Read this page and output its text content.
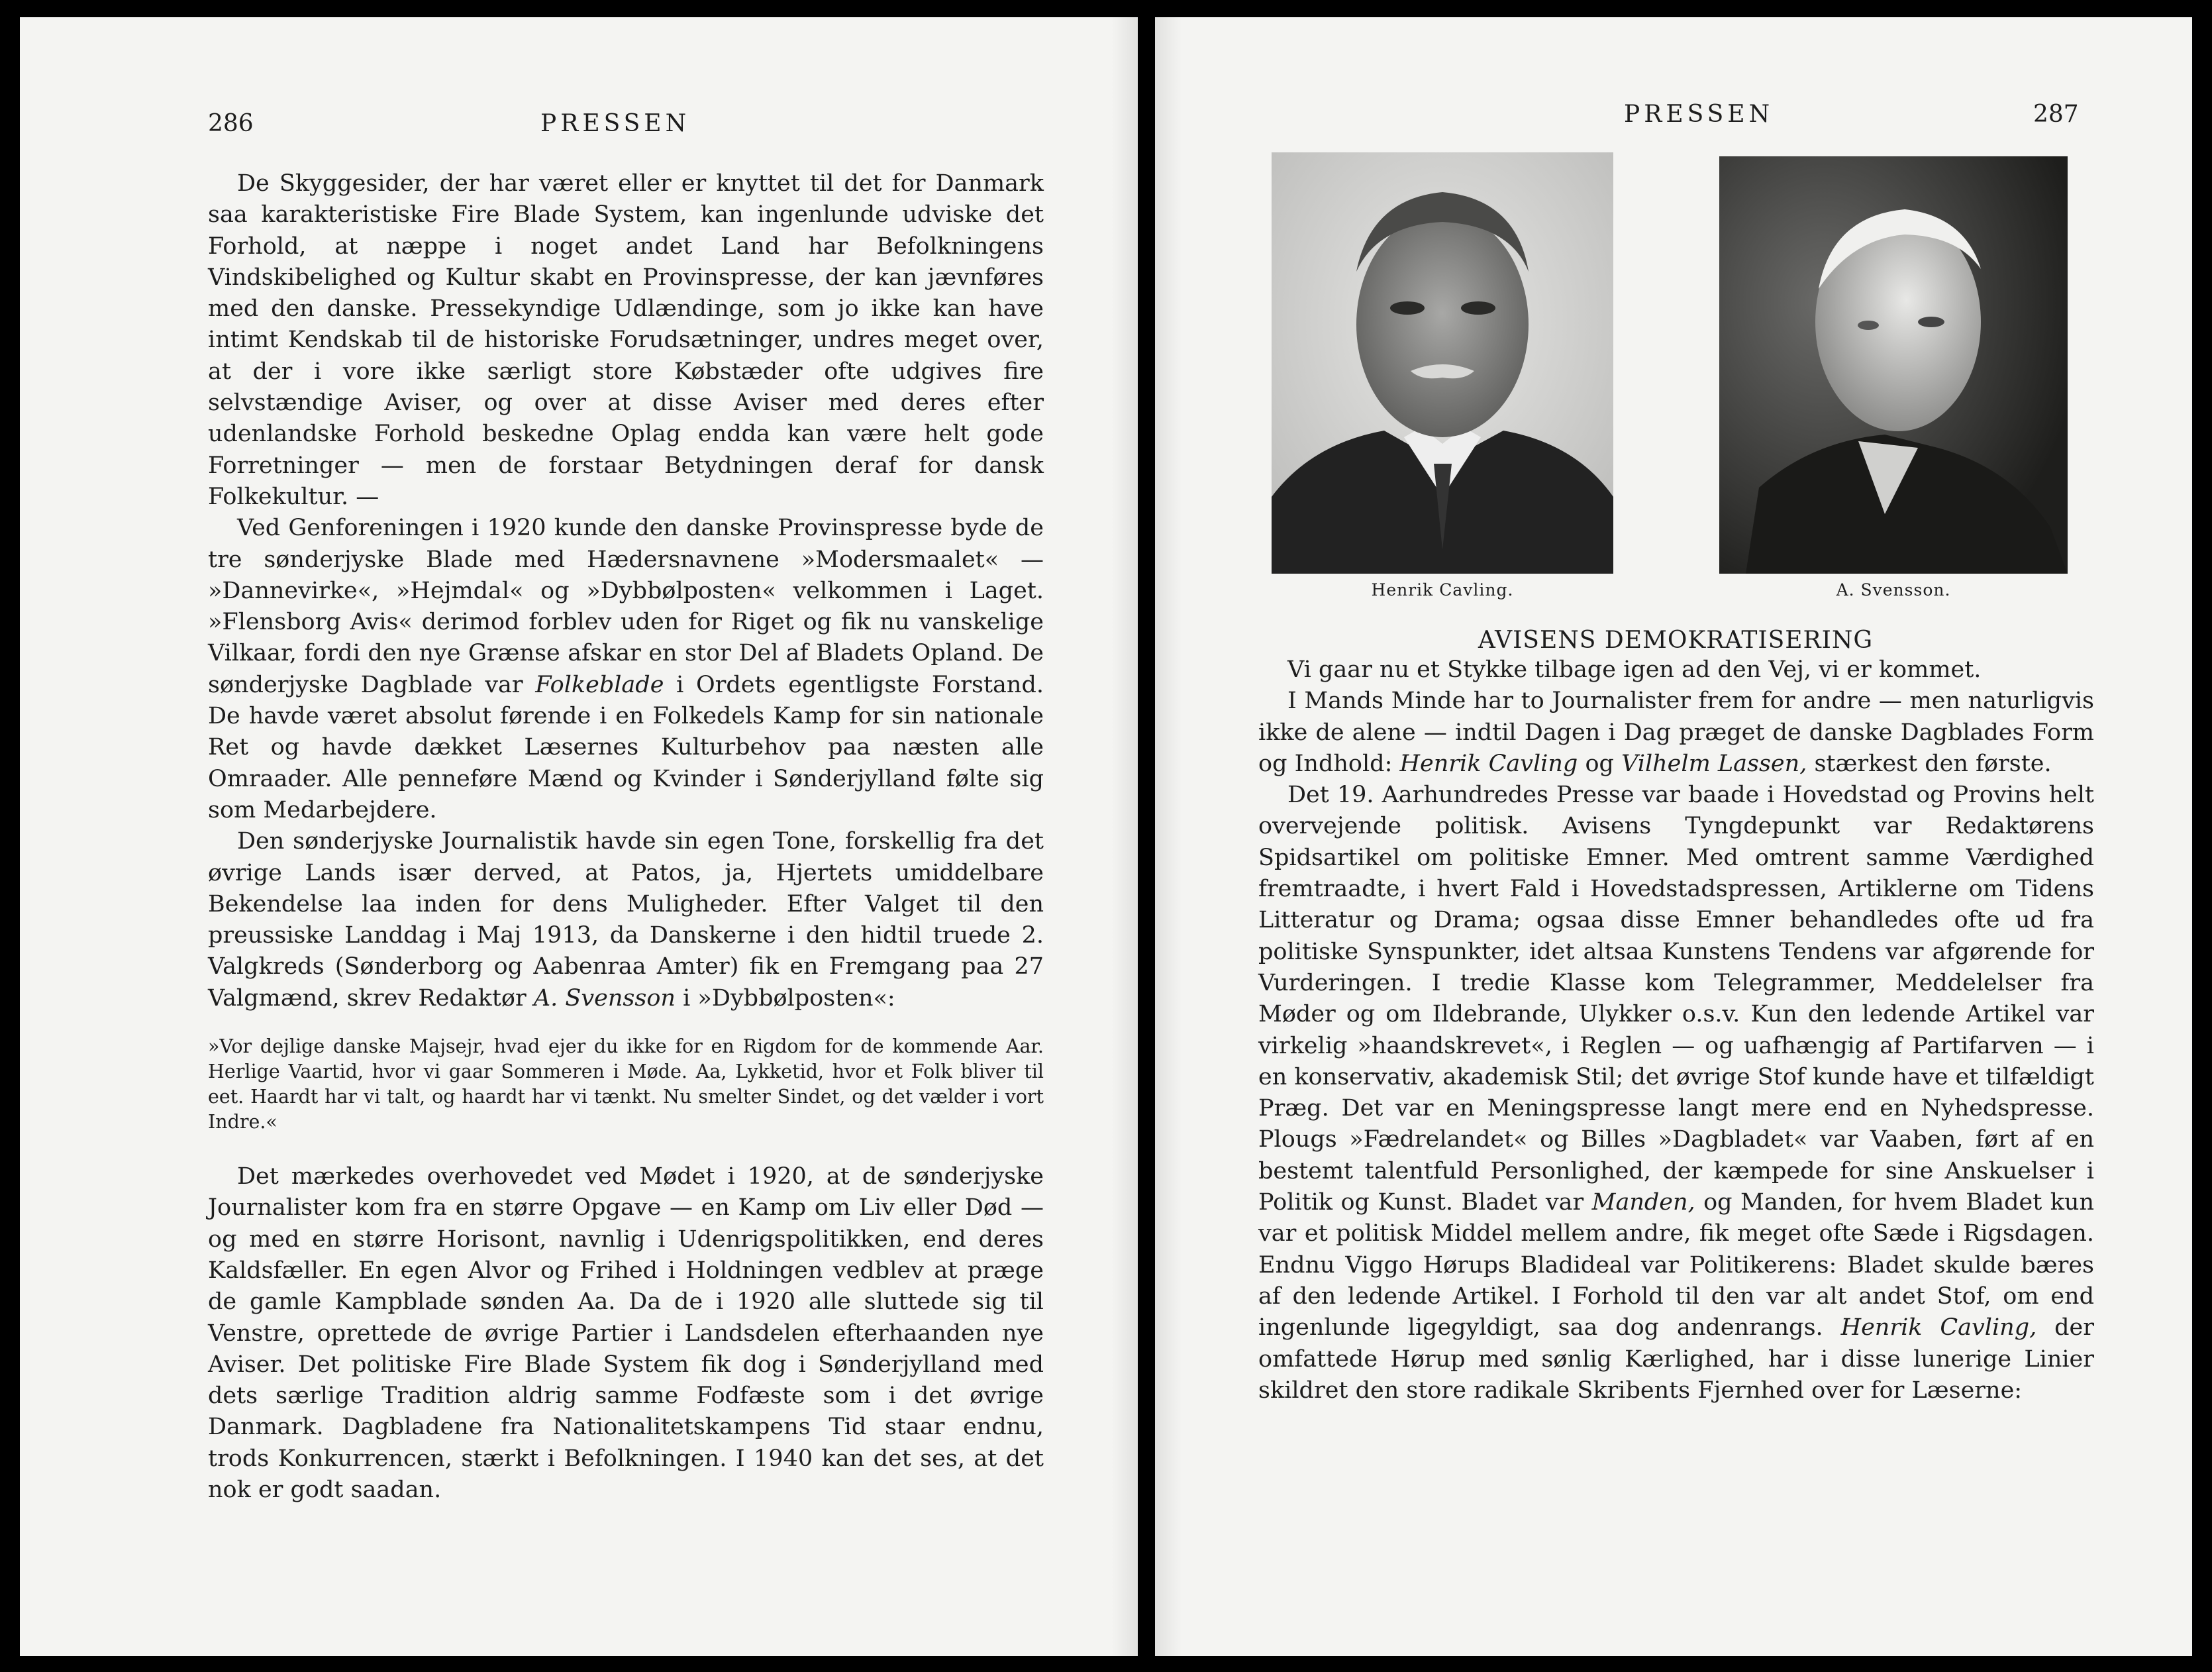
286	PRESSEN

De Skyggesider, der har været eller er knyttet til det for Danmark saa karakteristiske Fire Blade System, kan ingenlunde udviske det Forhold, at næppe i noget andet Land har Befolkningens Vindskibelighed og Kultur skabt en Provinspresse, der kan jævnføres med den danske. Pressekyndige Udlændinge, som jo ikke kan have intimt Kendskab til de historiske Forudsætninger, undres meget over, at der i vore ikke særligt store Købstæder ofte udgives fire selvstændige Aviser, og over at disse Aviser med deres efter udenlandske Forhold beskedne Oplag endda kan være helt gode Forretninger — men de forstaar Betydningen deraf for dansk Folkekultur. —

Ved Genforeningen i 1920 kunde den danske Provinspresse byde de tre sønderjyske Blade med Hædersnavnene »Modersmaalet« — »Dannevirke«, »Hejmdal« og »Dybbølposten« velkommen i Laget. »Flensborg Avis« derimod forblev uden for Riget og fik nu vanskelige Vilkaar, fordi den nye Grænse afskar en stor Del af Bladets Opland. De sønderjyske Dagblade var Folkeblade i Ordets egentligste Forstand. De havde været absolut førende i en Folkedels Kamp for sin nationale Ret og havde dækket Læsernes Kulturbehov paa næsten alle Omraader. Alle penneføre Mænd og Kvinder i Sønderjylland følte sig som Medarbejdere.

Den sønderjyske Journalistik havde sin egen Tone, forskellig fra det øvrige Lands især derved, at Patos, ja, Hjertets umiddelbare Bekendelse laa inden for dens Muligheder. Efter Valget til den preussiske Landdag i Maj 1913, da Danskerne i den hidtil truede 2. Valgkreds (Sønderborg og Aabenraa Amter) fik en Fremgang paa 27 Valgmænd, skrev Redaktør A. Svensson i »Dybbølposten«:

»Vor dejlige danske Majsejr, hvad ejer du ikke for en Rigdom for de kommende Aar. Herlige Vaartid, hvor vi gaar Sommeren i Møde. Aa, Lykketid, hvor et Folk bliver til eet. Haardt har vi talt, og haardt har vi tænkt. Nu smelter Sindet, og det vælder i vort Indre.«

Det mærkedes overhovedet ved Mødet i 1920, at de sønderjyske Journalister kom fra en større Opgave — en Kamp om Liv eller Død — og med en større Horisont, navnlig i Udenrigspolitikken, end deres Kaldsfæller. En egen Alvor og Frihed i Holdningen vedblev at præge de gamle Kampblade sønden Aa. Da de i 1920 alle sluttede sig til Venstre, oprettede de øvrige Partier i Landsdelen efterhaanden nye Aviser. Det politiske Fire Blade System fik dog i Sønderjylland med dets særlige Tradition aldrig samme Fodfæste som i det øvrige Danmark. Dagbladene fra Nationalitetskampens Tid staar endnu, trods Konkurrencen, stærkt i Befolkningen. I 1940 kan det ses, at det nok er godt saadan.

PRESSEN	287
Henrik Cavling.	A. Svensson.
AVISENS DEMOKRATISERING

Vi gaar nu et Stykke tilbage igen ad den Vej, vi er kommet.

I Mands Minde har to Journalister frem for andre — men naturligvis ikke de alene — indtil Dagen i Dag præget de danske Dagblades Form og Indhold: Henrik Cavling og Vilhelm Lassen, stærkest den første.

Det 19. Aarhundredes Presse var baade i Hovedstad og Provins helt overvejende politisk. Avisens Tyngdepunkt var Redaktørens Spidsartikel om politiske Emner. Med omtrent samme Værdighed fremtraadte, i hvert Fald i Hovedstadspressen, Artiklerne om Tidens Litteratur og Drama; ogsaa disse Emner behandledes ofte ud fra politiske Synspunkter, idet altsaa Kunstens Tendens var afgørende for Vurderingen. I tredie Klasse kom Telegrammer, Meddelelser fra Møder og om Ildebrande, Ulykker o.s.v. Kun den ledende Artikel var virkelig »haandskrevet«, i Reglen — og uafhængig af Partifarven — i en konservativ, akademisk Stil; det øvrige Stof kunde have et tilfældigt Præg. Det var en Meningspresse langt mere end en Nyhedspresse. Plougs »Fædrelandet« og Billes »Dagbladet« var Vaaben, ført af en bestemt talentfuld Personlighed, der kæmpede for sine Anskuelser i Politik og Kunst. Bladet var Manden, og Manden, for hvem Bladet kun var et politisk Middel mellem andre, fik meget ofte Sæde i Rigsdagen. Endnu Viggo Hørups Bladideal var Politikerens: Bladet skulde bæres af den ledende Artikel. I Forhold til den var alt andet Stof, om end ingenlunde ligegyldigt, saa dog andenrangs. Henrik Cavling, der omfattede Hørup med sønlig Kærlighed, har i disse lunerige Linier skildret den store radikale Skribents Fjernhed over for Læserne:
